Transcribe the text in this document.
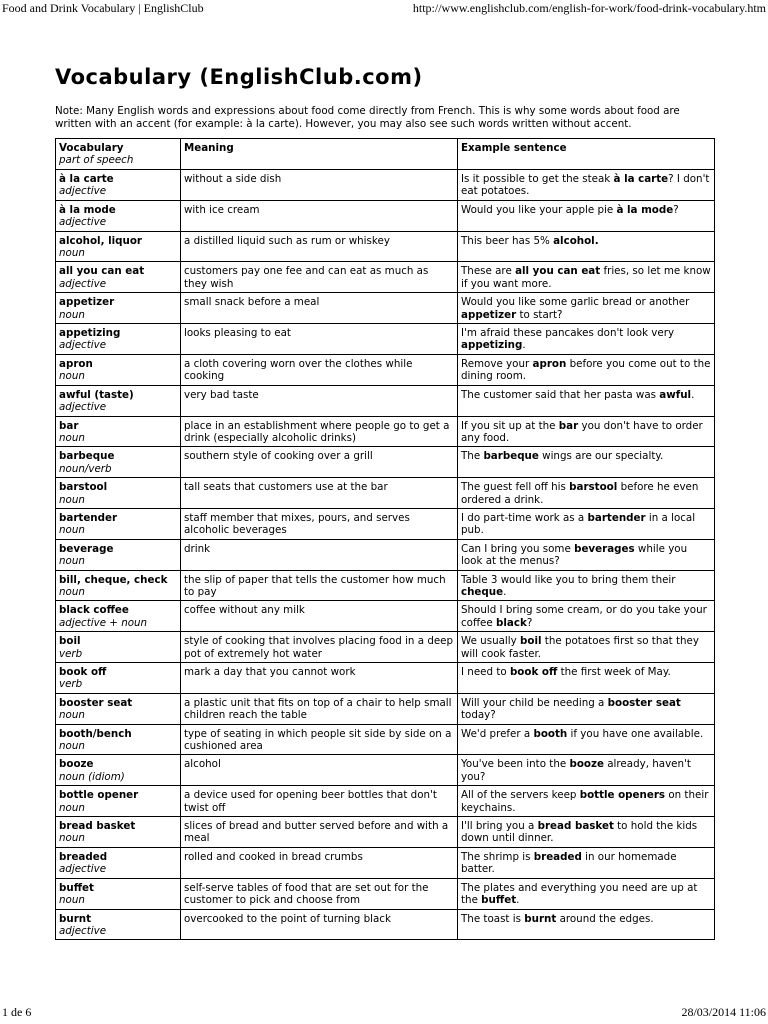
Food and Drink Vocabulary | EnglishClub	http://www.englishclub.com/english-for-work/food-drink-vocabulary.htm
Vocabulary (EnglishClub.com)

Note: Many English words and expressions about food come directly from French. This is why some words about food are written with an accent (for example: à la carte). However, you may also see such words written without accent.

Vocabulary
part of speech	Meaning	Example sentence

à la carte
adjective	without a side dish	Is it possible to get the steak à la carte? I don't eat potatoes.

à la mode
adjective	with ice cream	Would you like your apple pie à la mode?

alcohol, liquor
noun	a distilled liquid such as rum or whiskey	This beer has 5% alcohol.

all you can eat
adjective	customers pay one fee and can eat as much as they wish	These are all you can eat fries, so let me know if you want more.

appetizer
noun	small snack before a meal	Would you like some garlic bread or another appetizer to start?

appetizing
adjective	looks pleasing to eat	I'm afraid these pancakes don't look very appetizing.

apron
noun	a cloth covering worn over the clothes while cooking	Remove your apron before you come out to the dining room.

awful (taste)
adjective	very bad taste	The customer said that her pasta was awful.

bar
noun	place in an establishment where people go to get a drink (especially alcoholic drinks)	If you sit up at the bar you don't have to order any food.

barbeque
noun/verb	southern style of cooking over a grill	The barbeque wings are our specialty.

barstool
noun	tall seats that customers use at the bar	The guest fell off his barstool before he even ordered a drink.

bartender
noun	staff member that mixes, pours, and serves alcoholic beverages	I do part-time work as a bartender in a local pub.

beverage
noun	drink	Can I bring you some beverages while you look at the menus?

bill, cheque, check
noun	the slip of paper that tells the customer how much to pay	Table 3 would like you to bring them their cheque.

black coffee
adjective + noun	coffee without any milk	Should I bring some cream, or do you take your coffee black?

boil
verb	style of cooking that involves placing food in a deep pot of extremely hot water	We usually boil the potatoes first so that they will cook faster.

book off
verb	mark a day that you cannot work	I need to book off the first week of May.

booster seat
noun	a plastic unit that fits on top of a chair to help small children reach the table	Will your child be needing a booster seat today?

booth/bench
noun	type of seating in which people sit side by side on a cushioned area	We'd prefer a booth if you have one available.

booze
noun (idiom)	alcohol	You've been into the booze already, haven't you?

bottle opener
noun	a device used for opening beer bottles that don't twist off	All of the servers keep bottle openers on their keychains.

bread basket
noun	slices of bread and butter served before and with a meal	I'll bring you a bread basket to hold the kids down until dinner.

breaded
adjective	rolled and cooked in bread crumbs	The shrimp is breaded in our homemade batter.

buffet
noun	self-serve tables of food that are set out for the customer to pick and choose from	The plates and everything you need are up at the buffet.

burnt
adjective	overcooked to the point of turning black	The toast is burnt around the edges.
1 de 6	28/03/2014 11:06
